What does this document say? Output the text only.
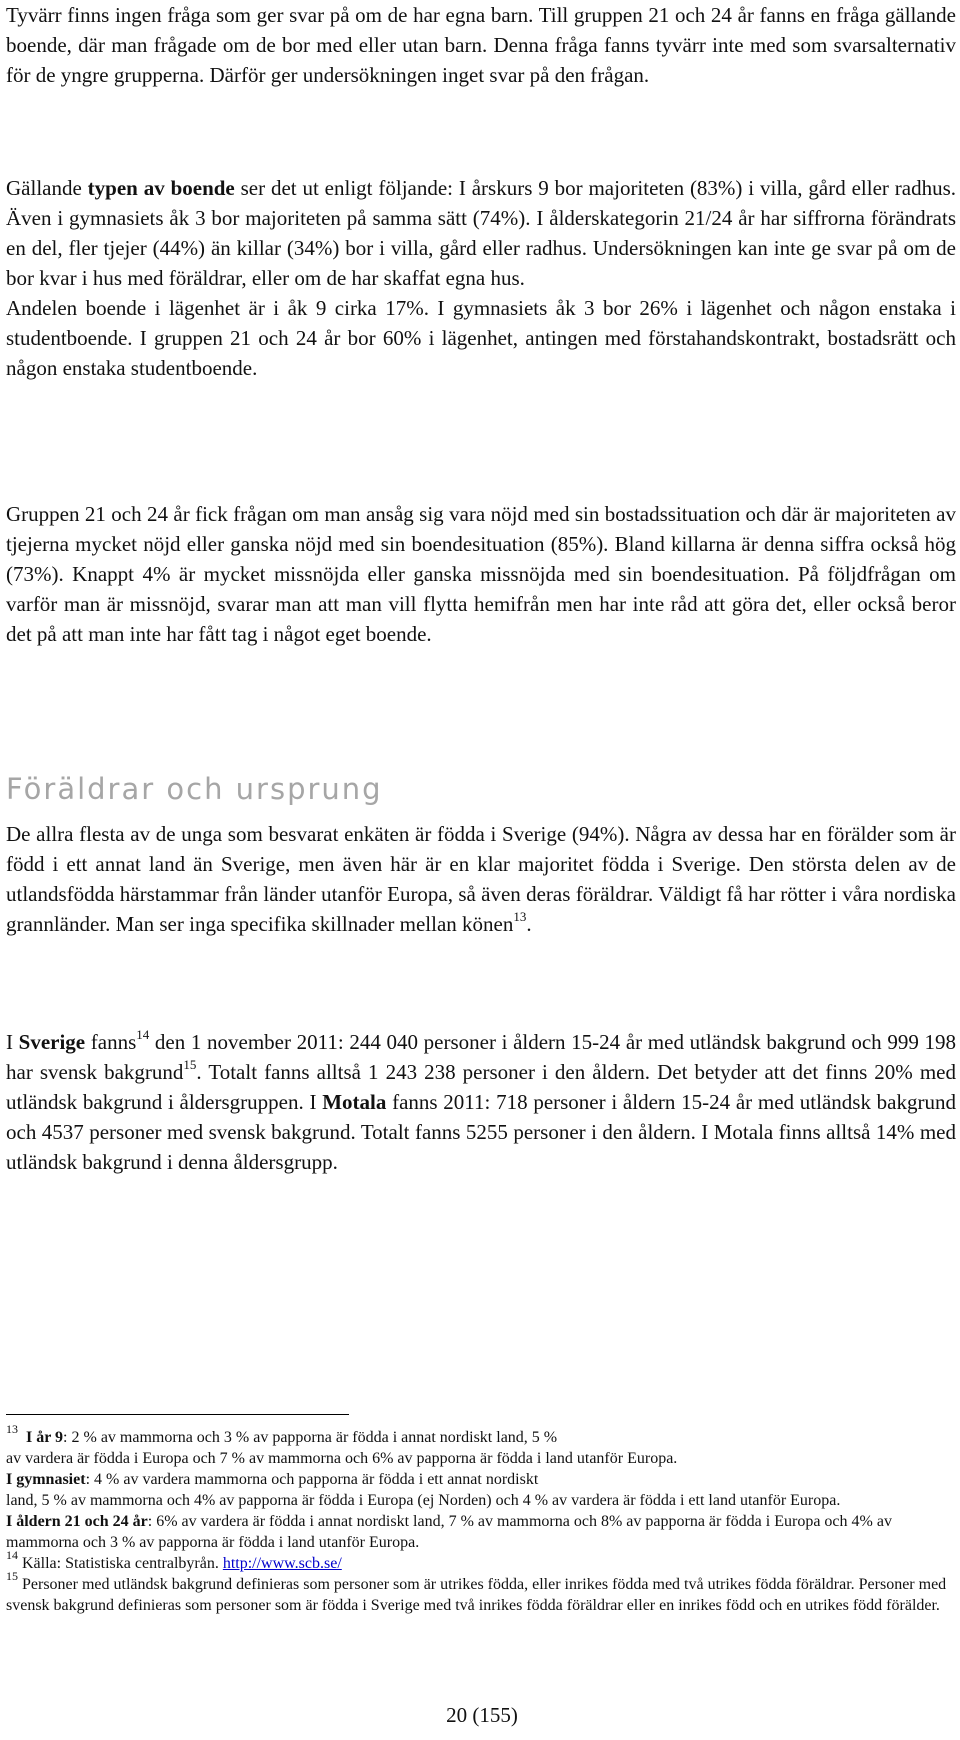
Tyvärr finns ingen fråga som ger svar på om de har egna barn. Till gruppen 21 och 24 år fanns en fråga gällande boende, där man frågade om de bor med eller utan barn. Denna fråga fanns tyvärr inte med som svarsalternativ för de yngre grupperna. Därför ger undersökningen inget svar på den frågan.

Gällande typen av boende ser det ut enligt följande: I årskurs 9 bor majoriteten (83%) i villa, gård eller radhus. Även i gymnasiets åk 3 bor majoriteten på samma sätt (74%). I ålderskategorin 21/24 år har siffrorna förändrats en del, fler tjejer (44%) än killar (34%) bor i villa, gård eller radhus. Undersökningen kan inte ge svar på om de bor kvar i hus med föräldrar, eller om de har skaffat egna hus.

Andelen boende i lägenhet är i åk 9 cirka 17%. I gymnasiets åk 3 bor 26% i lägenhet och någon enstaka i studentboende. I gruppen 21 och 24 år bor 60% i lägenhet, antingen med förstahandskontrakt, bostadsrätt och någon enstaka studentboende.

Gruppen 21 och 24 år fick frågan om man ansåg sig vara nöjd med sin bostadssituation och där är majoriteten av tjejerna mycket nöjd eller ganska nöjd med sin boendesituation (85%). Bland killarna är denna siffra också hög (73%). Knappt 4% är mycket missnöjda eller ganska missnöjda med sin boendesituation. På följdfrågan om varför man är missnöjd, svarar man att man vill flytta hemifrån men har inte råd att göra det, eller också beror det på att man inte har fått tag i något eget boende.

Föräldrar och ursprung

De allra flesta av de unga som besvarat enkäten är födda i Sverige (94%). Några av dessa har en förälder som är född i ett annat land än Sverige, men även här är en klar majoritet födda i Sverige. Den största delen av de utlandsfödda härstammar från länder utanför Europa, så även deras föräldrar. Väldigt få har rötter i våra nordiska grannländer. Man ser inga specifika skillnader mellan könen$^{13}$.

I Sverige fanns$^{14}$ den 1 november 2011: 244 040 personer i åldern 15-24 år med utländsk bakgrund och 999 198 har svensk bakgrund$^{15}$. Totalt fanns alltså 1 243 238 personer i den åldern. Det betyder att det finns 20% med utländsk bakgrund i åldersgruppen. I Motala fanns 2011: 718 personer i åldern 15-24 år med utländsk bakgrund och 4537 personer med svensk bakgrund. Totalt fanns 5255 personer i den åldern. I Motala finns alltså 14% med utländsk bakgrund i denna åldersgrupp.

$^{13}$  I år 9: 2 % av mammorna och 3 % av papporna är födda i annat nordiskt land, 5 %

av vardera är födda i Europa och 7 % av mammorna och 6% av papporna är födda i land utanför Europa.

I gymnasiet: 4 % av vardera mammorna och papporna är födda i ett annat nordiskt

land, 5 % av mammorna och 4% av papporna är födda i Europa (ej Norden) och 4 % av vardera är födda i ett land utanför Europa.

I åldern 21 och 24 år: 6% av vardera är födda i annat nordiskt land, 7 % av mammorna och 8% av papporna är födda i Europa och 4% av mammorna och 3 % av papporna är födda i land utanför Europa.

$^{14}$ Källa: Statistiska centralbyrån. http://www.scb.se/

$^{15}$ Personer med utländsk bakgrund definieras som personer som är utrikes födda, eller inrikes födda med två utrikes födda föräldrar. Personer med svensk bakgrund definieras som personer som är födda i Sverige med två inrikes födda föräldrar eller en inrikes född och en utrikes född förälder.

20 (155)
